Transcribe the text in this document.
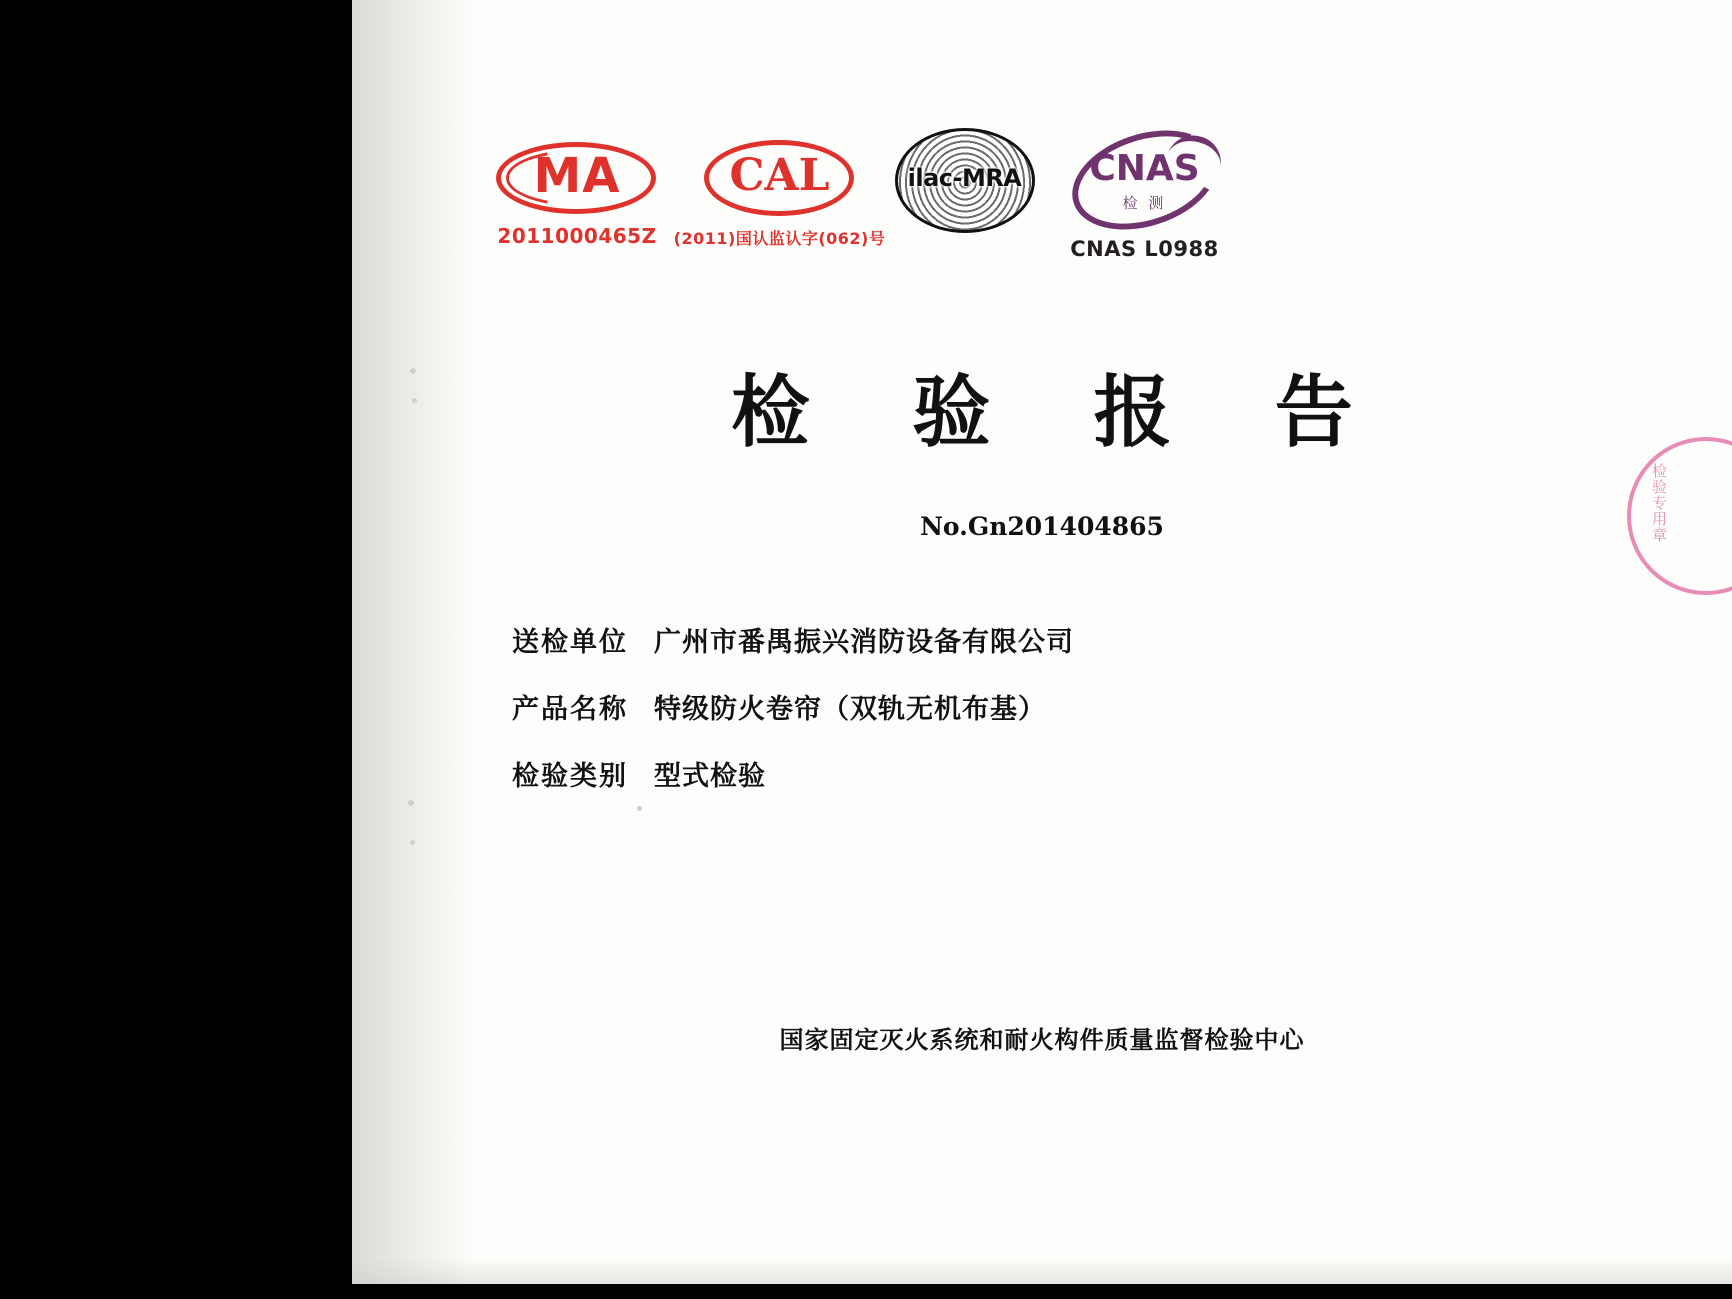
MA
2011000465Z
CAL
(2011)国认监认字(062)号
ilac-MRA	CNAS
检 测
CNAS L0988
检 验 报 告
No.Gn201404865
送检单位 广州市番禺振兴消防设备有限公司
产品名称 特级防火卷帘（双轨无机布基）
检验类别 型式检验
国家固定灭火系统和耐火构件质量监督检验中心
检验专用章
